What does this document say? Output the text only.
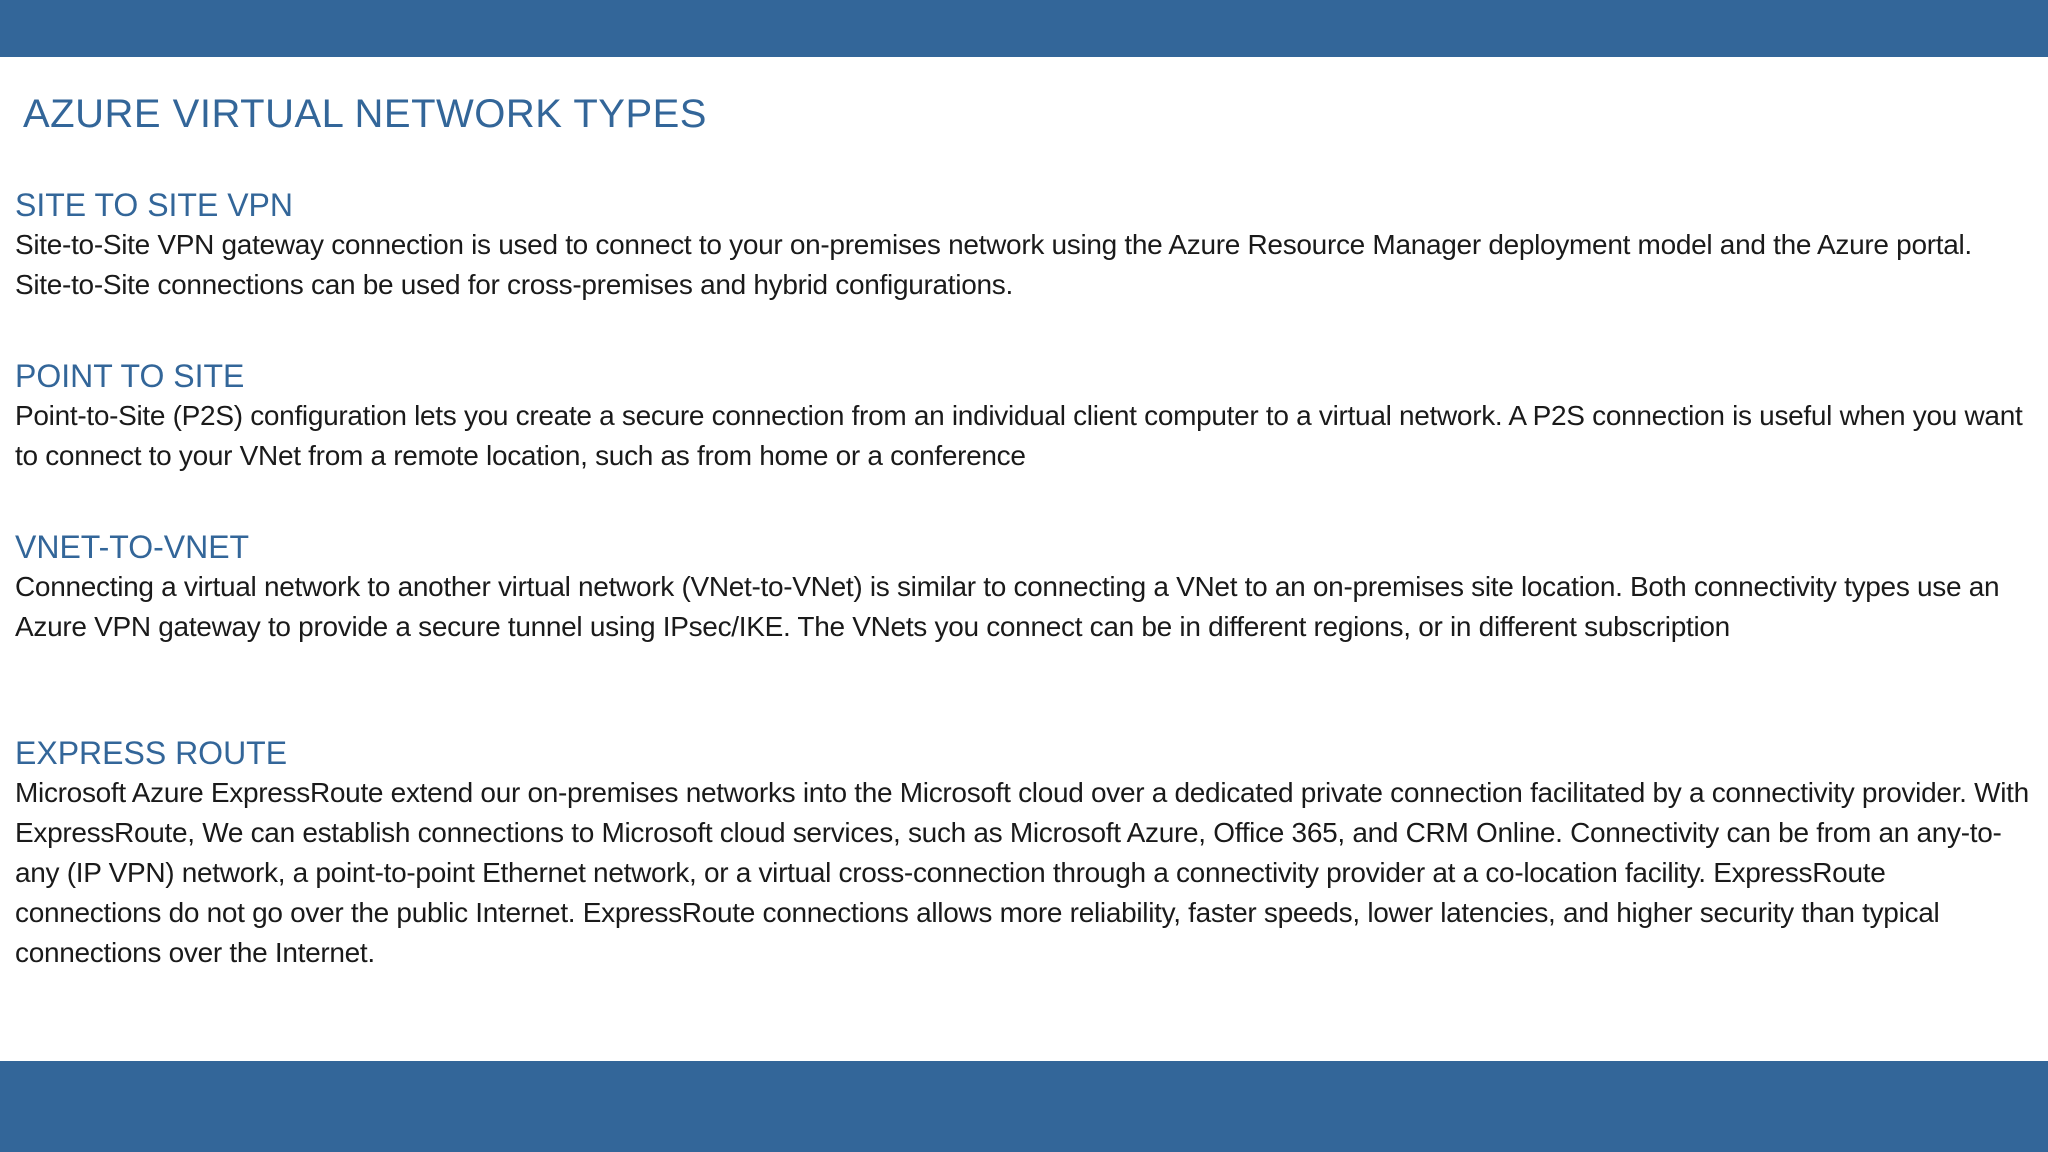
AZURE VIRTUAL NETWORK TYPES
SITE TO SITE VPN

Site-to-Site VPN gateway connection is used to connect to your on-premises network using the Azure Resource Manager deployment model and the Azure portal. Site-to-Site connections can be used for cross-premises and hybrid configurations.

POINT TO SITE

Point-to-Site (P2S) configuration lets you create a secure connection from an individual client computer to a virtual network. A P2S connection is useful when you want to connect to your VNet from a remote location, such as from home or a conference

VNET-TO-VNET

Connecting a virtual network to another virtual network (VNet-to-VNet) is similar to connecting a VNet to an on-premises site location. Both connectivity types use an Azure VPN gateway to provide a secure tunnel using IPsec/IKE. The VNets you connect can be in different regions, or in different subscription

EXPRESS ROUTE

Microsoft Azure ExpressRoute extend our on-premises networks into the Microsoft cloud over a dedicated private connection facilitated by a connectivity provider. With ExpressRoute, We can establish connections to Microsoft cloud services, such as Microsoft Azure, Office 365, and CRM Online. Connectivity can be from an any-to-any (IP VPN) network, a point-to-point Ethernet network, or a virtual cross-connection through a connectivity provider at a co-location facility. ExpressRoute connections do not go over the public Internet. ExpressRoute connections allows more reliability, faster speeds, lower latencies, and higher security than typical connections over the Internet.
